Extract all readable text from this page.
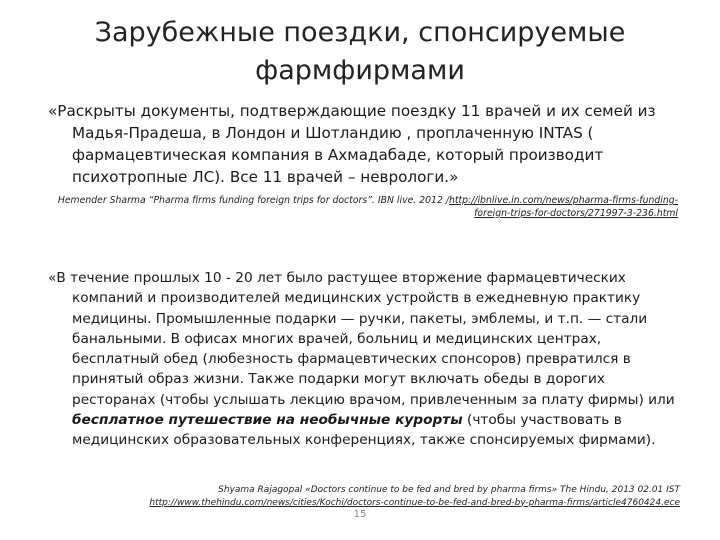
Зарубежные поездки, спонсируемые фармфирмами
«Раскрыты документы, подтверждающие поездку 11 врачей и их семей из Мадья-Прадеша, в Лондон и Шотландию , проплаченную INTAS ( фармацевтическая компания в Ахмадабаде, который производит психотропные ЛС). Все 11 врачей – неврологи.»
Hemender Sharma “Pharma firms funding foreign trips for doctors”. IBN live. 2012 /http://ibnlive.in.com/news/pharma-firms-funding-foreign-trips-for-doctors/271997-3-236.html
«В течение прошлых 10 - 20 лет было растущее вторжение фармацевтических компаний и производителей медицинских устройств в ежедневную практику медицины. Промышленные подарки — ручки, пакеты, эмблемы, и т.п. — стали банальными. В офисах многих врачей, больниц и медицинских центрах, бесплатный обед (любезность фармацевтических спонсоров) превратился в принятый образ жизни. Также подарки могут включать обеды в дорогих ресторанах (чтобы услышать лекцию врачом, привлеченным за плату фирмы) или бесплатное путешествие на необычные курорты (чтобы участвовать в медицинских образовательных конференциях, также спонсируемых фирмами).
Shyama Rajagopal «Doctors continue to be fed and bred by pharma firms» The Hindu, 2013 02.01 IST
http://www.thehindu.com/news/cities/Kochi/doctors-continue-to-be-fed-and-bred-by-pharma-firms/article4760424.ece
15
